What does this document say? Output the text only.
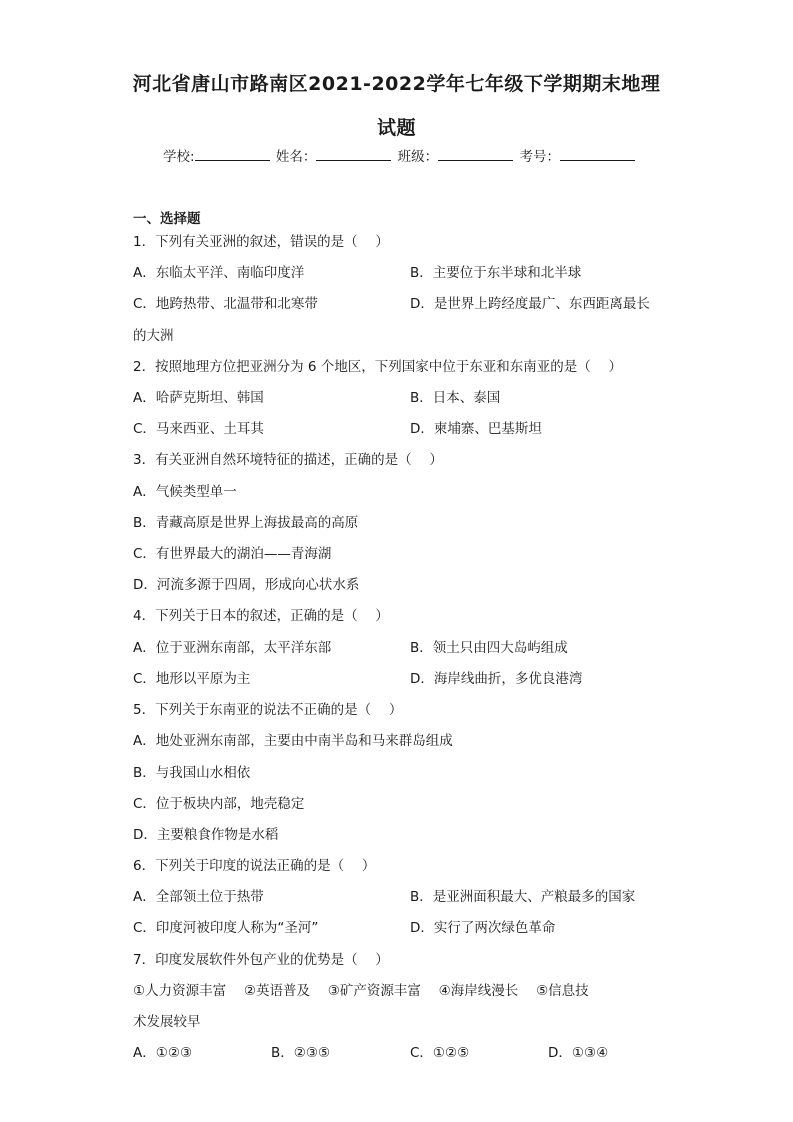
河北省唐山市路南区2021-2022学年七年级下学期期末地理
试题
学校:	姓名：	班级：	考号：
一、选择题
1．下列有关亚洲的叙述，错误的是（　 ）
A．东临太平洋、南临印度洋	B．主要位于东半球和北半球
C．地跨热带、北温带和北寒带	D．是世界上跨经度最广、东西距离最长
的大洲
2．按照地理方位把亚洲分为 6 个地区，下列国家中位于东亚和东南亚的是（　 ）
A．哈萨克斯坦、韩国	B．日本、泰国
C．马来西亚、土耳其	D．柬埔寨、巴基斯坦
3．有关亚洲自然环境特征的描述，正确的是（　 ）
A．气候类型单一
B．青藏高原是世界上海拔最高的高原
C．有世界最大的湖泊——青海湖
D．河流多源于四周，形成向心状水系
4．下列关于日本的叙述，正确的是（　 ）
A．位于亚洲东南部，太平洋东部	B．领土只由四大岛屿组成
C．地形以平原为主	D．海岸线曲折，多优良港湾
5．下列关于东南亚的说法不正确的是（　 ）
A．地处亚洲东南部，主要由中南半岛和马来群岛组成
B．与我国山水相依
C．位于板块内部，地壳稳定
D．主要粮食作物是水稻
6．下列关于印度的说法正确的是（　 ）
A．全部领土位于热带	B．是亚洲面积最大、产粮最多的国家
C．印度河被印度人称为“圣河”	D．实行了两次绿色革命
7．印度发展软件外包产业的优势是（　 ）
①人力资源丰富　 ②英语普及　 ③矿产资源丰富　 ④海岸线漫长　 ⑤信息技
术发展较早
A．①②③	B．②③⑤	C．①②⑤	D．①③④
